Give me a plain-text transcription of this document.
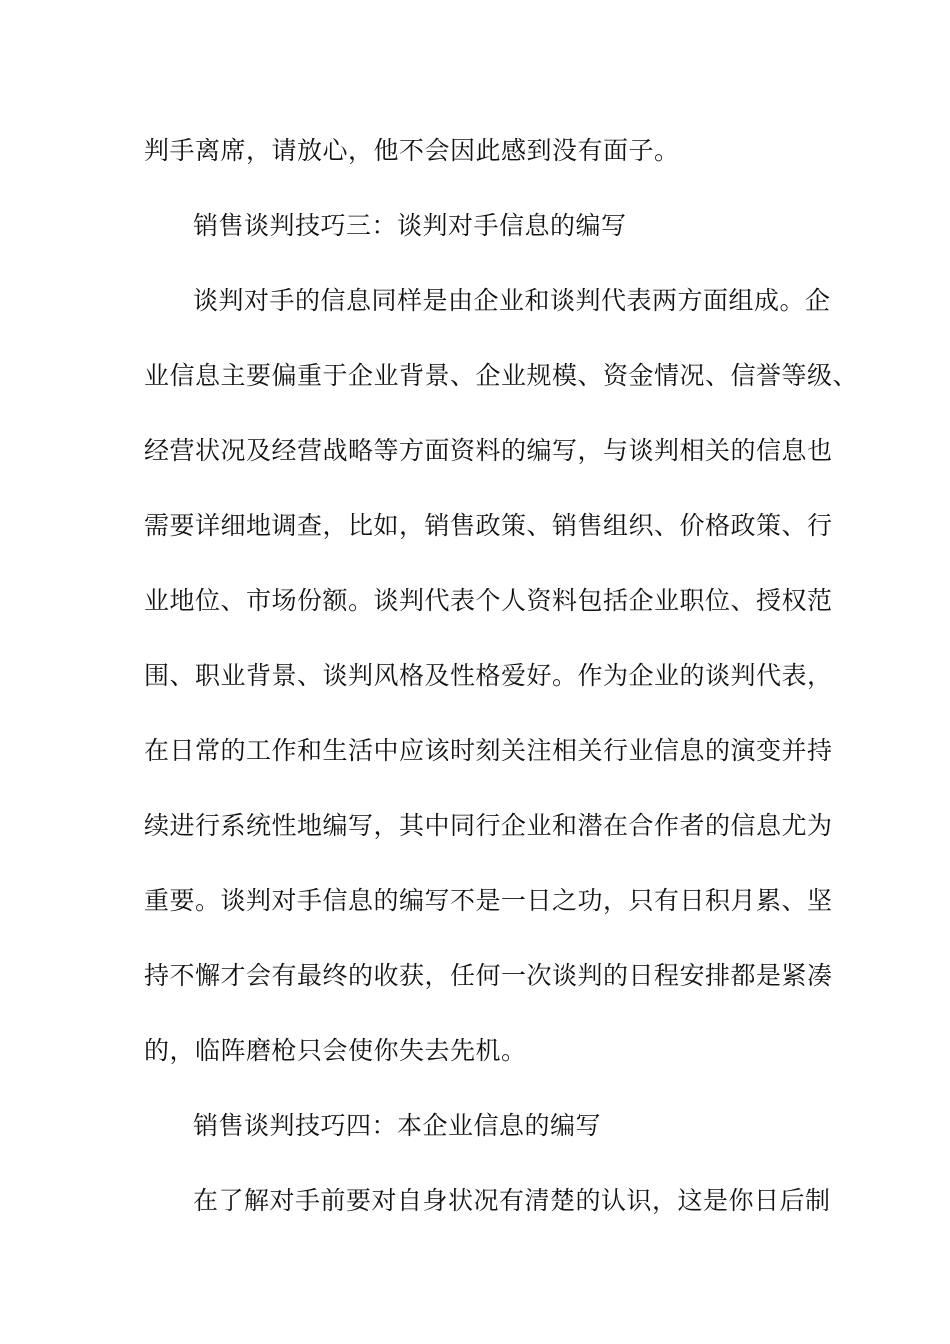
判手离席，请放心，他不会因此感到没有面子。
销售谈判技巧三：谈判对手信息的编写
谈判对手的信息同样是由企业和谈判代表两方面组成。企
业信息主要偏重于企业背景、企业规模、资金情况、信誉等级、
经营状况及经营战略等方面资料的编写，与谈判相关的信息也
需要详细地调查，比如，销售政策、销售组织、价格政策、行
业地位、市场份额。谈判代表个人资料包括企业职位、授权范
围、职业背景、谈判风格及性格爱好。作为企业的谈判代表，
在日常的工作和生活中应该时刻关注相关行业信息的演变并持
续进行系统性地编写，其中同行企业和潜在合作者的信息尤为
重要。谈判对手信息的编写不是一日之功，只有日积月累、坚
持不懈才会有最终的收获，任何一次谈判的日程安排都是紧凑
的，临阵磨枪只会使你失去先机。
销售谈判技巧四：本企业信息的编写
在了解对手前要对自身状况有清楚的认识，这是你日后制
